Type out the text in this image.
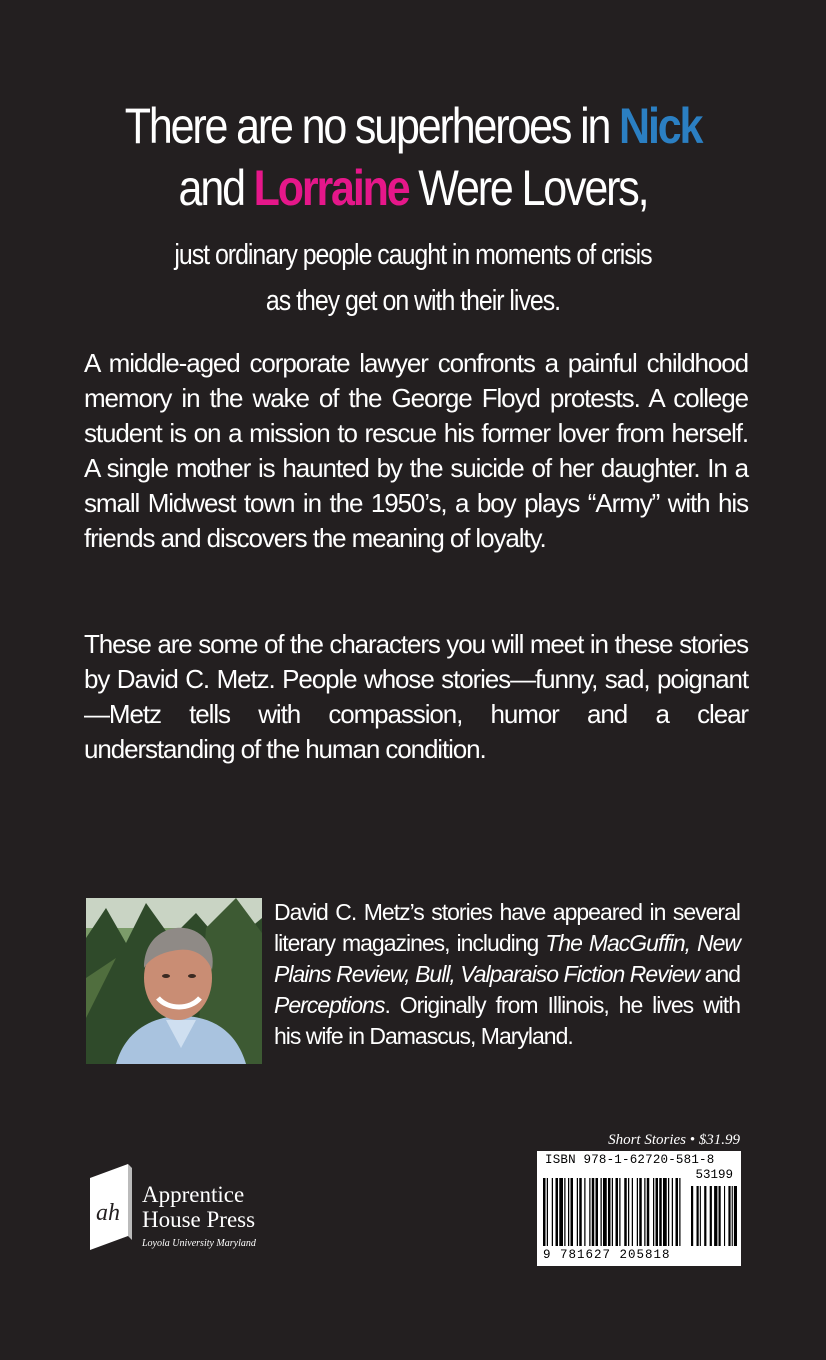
There are no superheroes in Nick
and Lorraine Were Lovers,
just ordinary people caught in moments of crisis
as they get on with their lives.

A middle-aged corporate lawyer confronts a painful childhood memory in the wake of the George Floyd protests. A college student is on a mission to rescue his former lover from herself. A single mother is haunted by the suicide of her daughter. In a small Midwest town in the 1950’s, a boy plays “Army” with his friends and discovers the meaning of loyalty.

These are some of the characters you will meet in these stories by David C. Metz. People whose stories—funny, sad, poignant—Metz tells with compassion, humor and a clear understanding of the human condition.

David C. Metz’s stories have appeared in several literary magazines, including The MacGuffin, New Plains Review, Bull, Valparaiso Fiction Review and Perceptions. Originally from Illinois, he lives with his wife in Damascus, Maryland.

ah
Apprentice
House Press
Loyola University Maryland
Short Stories • $31.99
ISBN 978-1-62720-581-8
53199
9 781627 205818
